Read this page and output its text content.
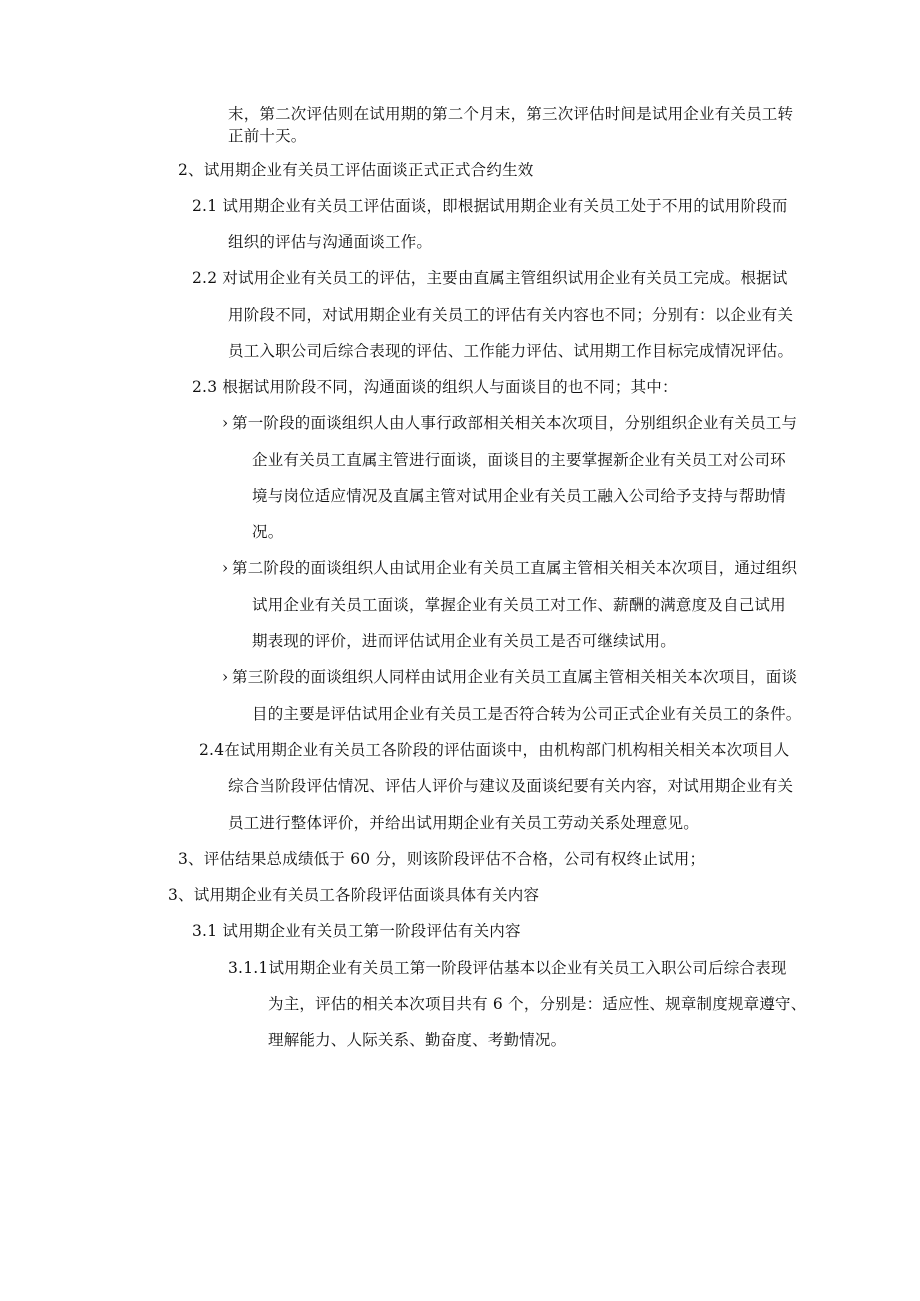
末，第二次评估则在试用期的第二个月末，第三次评估时间是试用企业有关员工转
正前十天。
2、试用期企业有关员工评估面谈正式正式合约生效
2.1 试用期企业有关员工评估面谈，即根据试用期企业有关员工处于不用的试用阶段而
组织的评估与沟通面谈工作。
2.2 对试用企业有关员工的评估，主要由直属主管组织试用企业有关员工完成。根据试
用阶段不同，对试用期企业有关员工的评估有关内容也不同；分别有：以企业有关
员工入职公司后综合表现的评估、工作能力评估、试用期工作目标完成情况评估。
2.3 根据试用阶段不同，沟通面谈的组织人与面谈目的也不同；其中：
› 第一阶段的面谈组织人由人事行政部相关相关本次项目，分别组织企业有关员工与
企业有关员工直属主管进行面谈，面谈目的主要掌握新企业有关员工对公司环
境与岗位适应情况及直属主管对试用企业有关员工融入公司给予支持与帮助情
况。
› 第二阶段的面谈组织人由试用企业有关员工直属主管相关相关本次项目，通过组织
试用企业有关员工面谈，掌握企业有关员工对工作、薪酬的满意度及自己试用
期表现的评价，进而评估试用企业有关员工是否可继续试用。
› 第三阶段的面谈组织人同样由试用企业有关员工直属主管相关相关本次项目，面谈
目的主要是评估试用企业有关员工是否符合转为公司正式企业有关员工的条件。
2.4在试用期企业有关员工各阶段的评估面谈中，由机构部门机构相关相关本次项目人
综合当阶段评估情况、评估人评价与建议及面谈纪要有关内容，对试用期企业有关
员工进行整体评价，并给出试用期企业有关员工劳动关系处理意见。
3、评估结果总成绩低于 60 分，则该阶段评估不合格，公司有权终止试用；
3、试用期企业有关员工各阶段评估面谈具体有关内容
3.1 试用期企业有关员工第一阶段评估有关内容
3.1.1试用期企业有关员工第一阶段评估基本以企业有关员工入职公司后综合表现
为主，评估的相关本次项目共有 6 个，分别是：适应性、规章制度规章遵守、
理解能力、人际关系、勤奋度、考勤情况。
